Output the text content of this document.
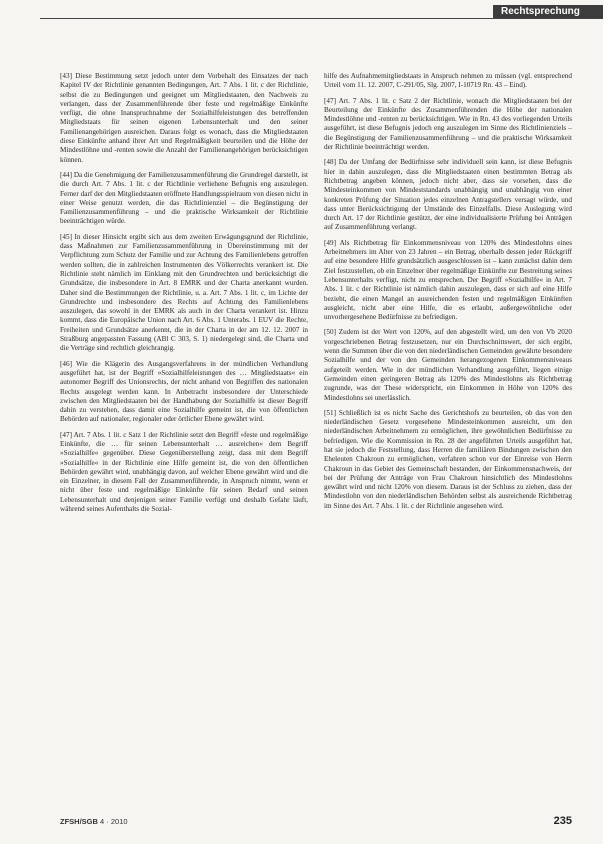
Rechtsprechung

[43] Diese Bestimmung setzt jedoch unter dem Vorbehalt des Einsatzes der nach Kapitel IV der Richtlinie genannten Bedingungen, Art. 7 Abs. 1 lit. c der Richtlinie, selbst die zu Bedingungen und geeignet um Mitgliedstaaten, den Nachweis zu verlangen, dass der Zusammenführende über feste und regelmäßige Einkünfte verfügt, die ohne Inanspruchnahme der Sozialhilfeleistungen des betreffenden Mitgliedstaats für seinen eigenen Lebensunterhalt und den seiner Familienangehörigen ausreichen. Daraus folgt es wonach, dass die Mitgliedstaaten diese Einkünfte anhand ihrer Art und Regelmäßigkeit beurteilen und die Höhe der Mindestlöhne und -renten sowie die Anzahl der Familienangehörigen berücksichtigen können.

[44] Da die Genehmigung der Familienzusammenführung die Grundregel darstellt, ist die durch Art. 7 Abs. 1 lit. c der Richtlinie verliehene Befugnis eng auszulegen. Ferner darf der den Mitgliedstaaten eröffnete Handlungsspielraum von diesen nicht in einer Weise genutzt werden, die das Richtlinienziel – die Begünstigung der Familienzusammenführung – und die praktische Wirksamkeit der Richtlinie beeinträchtigen würde.

[45] In dieser Hinsicht ergibt sich aus dem zweiten Erwägungsgrund der Richtlinie, dass Maßnahmen zur Familienzusammenführung in Übereinstimmung mit der Verpflichtung zum Schutz der Familie und zur Achtung des Familienlebens getroffen werden sollten, die in zahlreichen Instrumenten des Völkerrechts verankert ist. Die Richtlinie steht nämlich im Einklang mit den Grundrechten und berücksichtigt die Grundsätze, die insbesondere in Art. 8 EMRK und der Charta anerkannt wurden. Daher sind die Bestimmungen der Richtlinie, u. a. Art. 7 Abs. 1 lit. c, im Lichte der Grundrechte und insbesondere des Rechts auf Achtung des Familienlebens auszulegen, das sowohl in der EMRK als auch in der Charta verankert ist. Hinzu kommt, dass die Europäische Union nach Art. 6 Abs. 1 Unterabs. 1 EUV die Rechte, Freiheiten und Grundsätze anerkennt, die in der Charta in der am 12. 12. 2007 in Straßburg angepassten Fassung (ABl C 303, S. 1) niedergelegt sind, die Charta und die Verträge sind rechtlich gleichrangig.

[46] Wie die Klägerin des Ausgangsverfahrens in der mündlichen Verhandlung ausgeführt hat, ist der Begriff »Sozialhilfeleistungen des … Mitgliedstaats« ein autonomer Begriff des Unionsrechts, der nicht anhand von Begriffen des nationalen Rechts ausgelegt werden kann. In Anbetracht insbesondere der Unterschiede zwischen den Mitgliedstaaten bei der Handhabung der Sozialhilfe ist dieser Begriff dahin zu verstehen, dass damit eine Sozialhilfe gemeint ist, die von öffentlichen Behörden auf nationaler, regionaler oder örtlicher Ebene gewährt wird.

[47] Art. 7 Abs. 1 lit. c Satz 1 der Richtlinie setzt den Begriff »feste und regelmäßige Einkünfte, die … für seinen Lebensunterhalt … ausreichen« dem Begriff »Sozialhilfe« gegenüber. Diese Gegenüberstellung zeigt, dass mit dem Begriff »Sozialhilfe« in der Richtlinie eine Hilfe gemeint ist, die von den öffentlichen Behörden gewährt wird, unabhängig davon, auf welcher Ebene gewährt wird und die ein Einzelner, in diesem Fall der Zusammenführende, in Anspruch nimmt, wenn er nicht über feste und regelmäßige Einkünfte für seinen Bedarf und seinen Lebensunterhalt und denjenigen seiner Familie verfügt und deshalb Gefahr läuft, während seines Aufenthalts die Sozial-

hilfe des Aufnahmemitgliedstaats in Anspruch nehmen zu müssen (vgl. entsprechend Urteil vom 11. 12. 2007, C-291/05, Slg. 2007, I-10719 Rn. 43 – Eind).

[47] Art. 7 Abs. 1 lit. c Satz 2 der Richtlinie, wonach die Mitgliedstaaten bei der Beurteilung der Einkünfte des Zusammenführenden die Höhe der nationalen Mindestlöhne und -renten zu berücksichtigen. Wie in Rn. 43 des vorliegenden Urteils ausgeführt, ist diese Befugnis jedoch eng auszulegen im Sinne des Richtlinienziels – die Begünstigung der Familienzusammenführung – und die praktische Wirksamkeit der Richtlinie beeinträchtigt werden.

[48] Da der Umfang der Bedürfnisse sehr individuell sein kann, ist diese Befugnis hier in dahin auszulegen, dass die Mitgliedstaaten einen bestimmten Betrag als Richtbetrag angeben können, jedoch nicht aber, dass sie vorsehen, dass die Mindesteinkommen von Mindeststandards unabhängig und unabhängig von einer konkreten Prüfung der Situation jedes einzelnen Antragstellers versagt würde, und dass unter Berücksichtigung der Umstände des Einzelfalls. Diese Auslegung wird durch Art. 17 der Richtlinie gestützt, der eine individualisierte Prüfung bei Anträgen auf Zusammenführung verlangt.

[49] Als Richtbetrag für Einkommensniveau von 120% des Mindestlohns eines Arbeitnehmers im Alter von 23 Jahren – ein Betrag, oberhalb dessen jeder Rückgriff auf eine besondere Hilfe grundsätzlich ausgeschlossen ist – kann zunächst dahin dem Ziel festzustellen, ob ein Einzelner über regelmäßige Einkünfte zur Bestreitung seines Lebensunterhalts verfügt, nicht zu entsprechen. Der Begriff »Sozialhilfe« in Art. 7 Abs. 1 lit. c der Richtlinie ist nämlich dahin auszulegen, dass er sich auf eine Hilfe bezieht, die einen Mangel an ausreichenden festen und regelmäßigen Einkünften ausgleicht, nicht aber eine Hilfe, die es erlaubt, außergewöhnliche oder unvorhergesehene Bedürfnisse zu befriedigen.

[50] Zudem ist der Wert von 120%, auf den abgestellt wird, um den von Vb 2020 vorgeschriebenen Betrag festzusetzen, nur ein Durchschnittswert, der sich ergibt, wenn die Summen über die von den niederländischen Gemeinden gewährte besondere Sozialhilfe und der von den Gemeinden herangezogenen Einkommensniveaus aufgeteilt werden. Wie in der mündlichen Verhandlung ausgeführt, liegen einige Gemeinden einen geringeren Betrag als 120% des Mindestlohns als Richtbetrag zugrunde, was der These widerspricht, ein Einkommen in Höhe von 120% des Mindestlohns sei unerlässlich.

[51] Schließlich ist es nicht Sache des Gerichtshofs zu beurteilen, ob das von den niederländischen Gesetz vorgesehene Mindesteinkommen ausreicht, um den niederländischen Arbeitnehmern zu ermöglichen, ihre gewöhnlichen Bedürfnisse zu befriedigen. Wie die Kommission in Rn. 28 der angeführten Urteils ausgeführt hat, hat sie jedoch die Feststellung, dass Herren die familiären Bindungen zwischen den Eheleuten Chakroun zu ermöglichen, verfahren schon vor der Einreise von Herrn Chakroun in das Gebiet des Gemeinschaft bestanden, der Einkommensnachweis, der bei der Prüfung der Anträge von Frau Chakroun hinsichtlich des Mindestlohns gewährt wird und nicht 120% von diesem. Daraus ist der Schluss zu ziehen, dass der Mindestlohn von den niederländischen Behörden selbst als ausreichende Richtbetrag im Sinne des Art. 7 Abs. 1 lit. c der Richtlinie angesehen wird.

ZFSH/SGB 4 · 2010	235
